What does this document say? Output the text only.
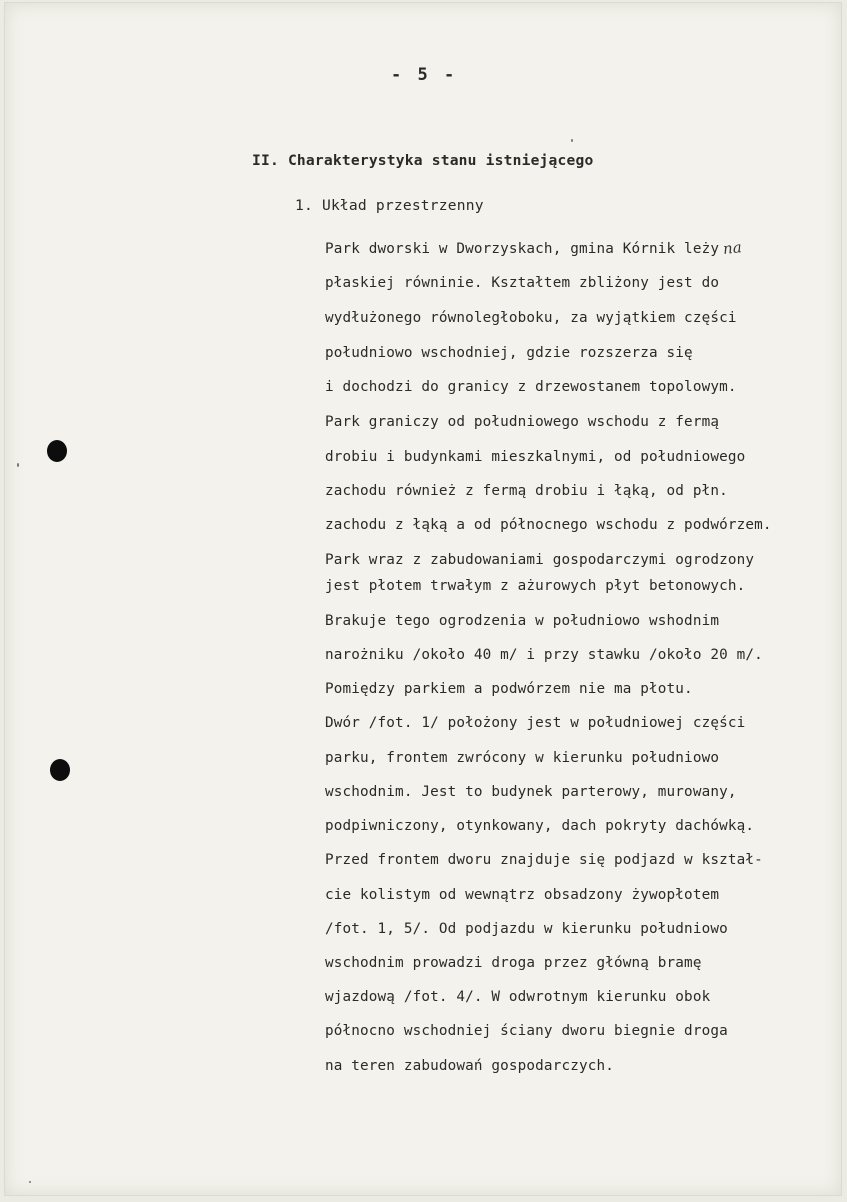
- 5 -
II. Charakterystyka stanu istniejącego
1. Układ przestrzenny
Park dworski w Dworzyskach, gmina Kórnik leży na
płaskiej równinie. Kształtem zbliżony jest do
wydłużonego równoległoboku, za wyjątkiem części
południowo wschodniej, gdzie rozszerza się
i dochodzi do granicy z drzewostanem topolowym.
Park graniczy od południowego wschodu z fermą
drobiu i budynkami mieszkalnymi, od południowego
zachodu również z fermą drobiu i łąką, od płn.
zachodu z łąką a od północnego wschodu z podwórzem.
Park wraz z zabudowaniami gospodarczymi ogrodzony
jest płotem trwałym z ażurowych płyt betonowych.
Brakuje tego ogrodzenia w południowo wshodnim
narożniku /około 40 m/ i przy stawku /około 20 m/.
Pomiędzy parkiem a podwórzem nie ma płotu.
Dwór /fot. 1/ położony jest w południowej części
parku, frontem zwrócony w kierunku południowo
wschodnim. Jest to budynek parterowy, murowany,
podpiwniczony, otynkowany, dach pokryty dachówką.
Przed frontem dworu znajduje się podjazd w kształ-
cie kolistym od wewnątrz obsadzony żywopłotem
/fot. 1, 5/. Od podjazdu w kierunku południowo
wschodnim prowadzi droga przez główną bramę
wjazdową /fot. 4/. W odwrotnym kierunku obok
północno wschodniej ściany dworu biegnie droga
na teren zabudowań gospodarczych.
